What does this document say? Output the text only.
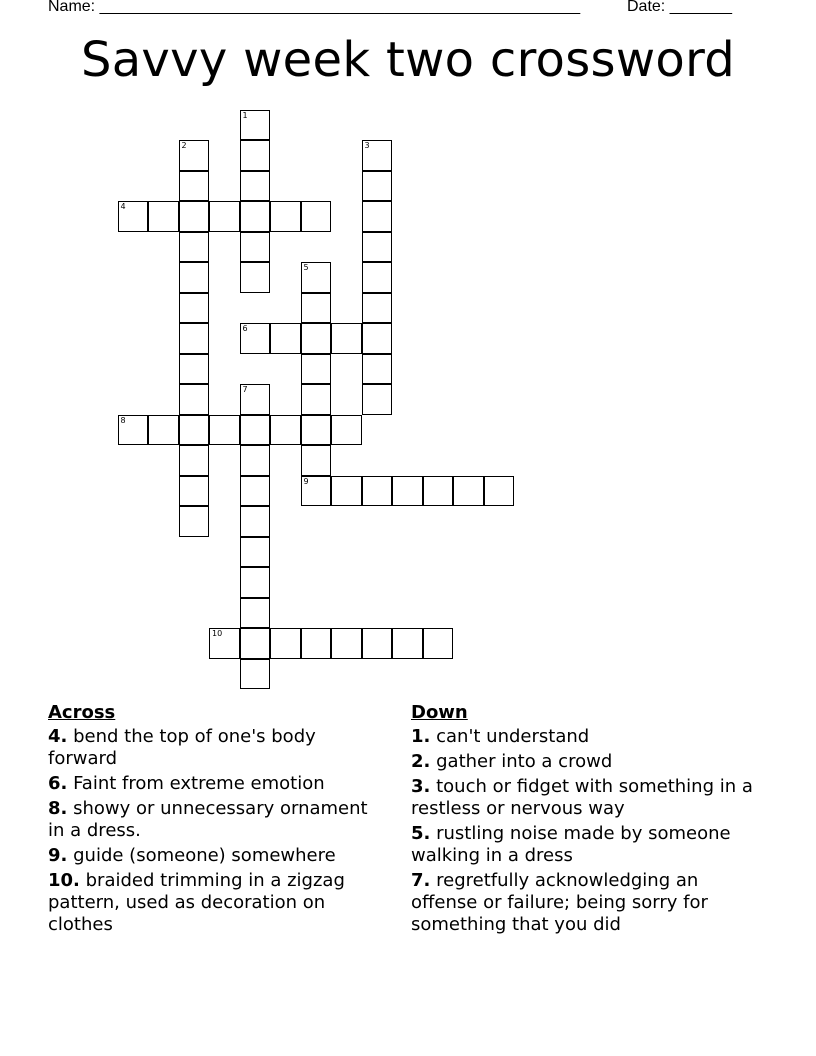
Name: ______________________________________________________	Date: _______
Savvy week two crossword
1
2	3
4
5
9
6
7
8
10
Across
4. bend the top of one's body forward
6. Faint from extreme emotion
8. showy or unnecessary ornament in a dress.
9. guide (someone) somewhere
10. braided trimming in a zigzag pattern, used as decoration on clothes
Down
1. can't understand
2. gather into a crowd
3. touch or fidget with something in a restless or nervous way
5. rustling noise made by someone walking in a dress
7. regretfully acknowledging an offense or failure; being sorry for something that you did
